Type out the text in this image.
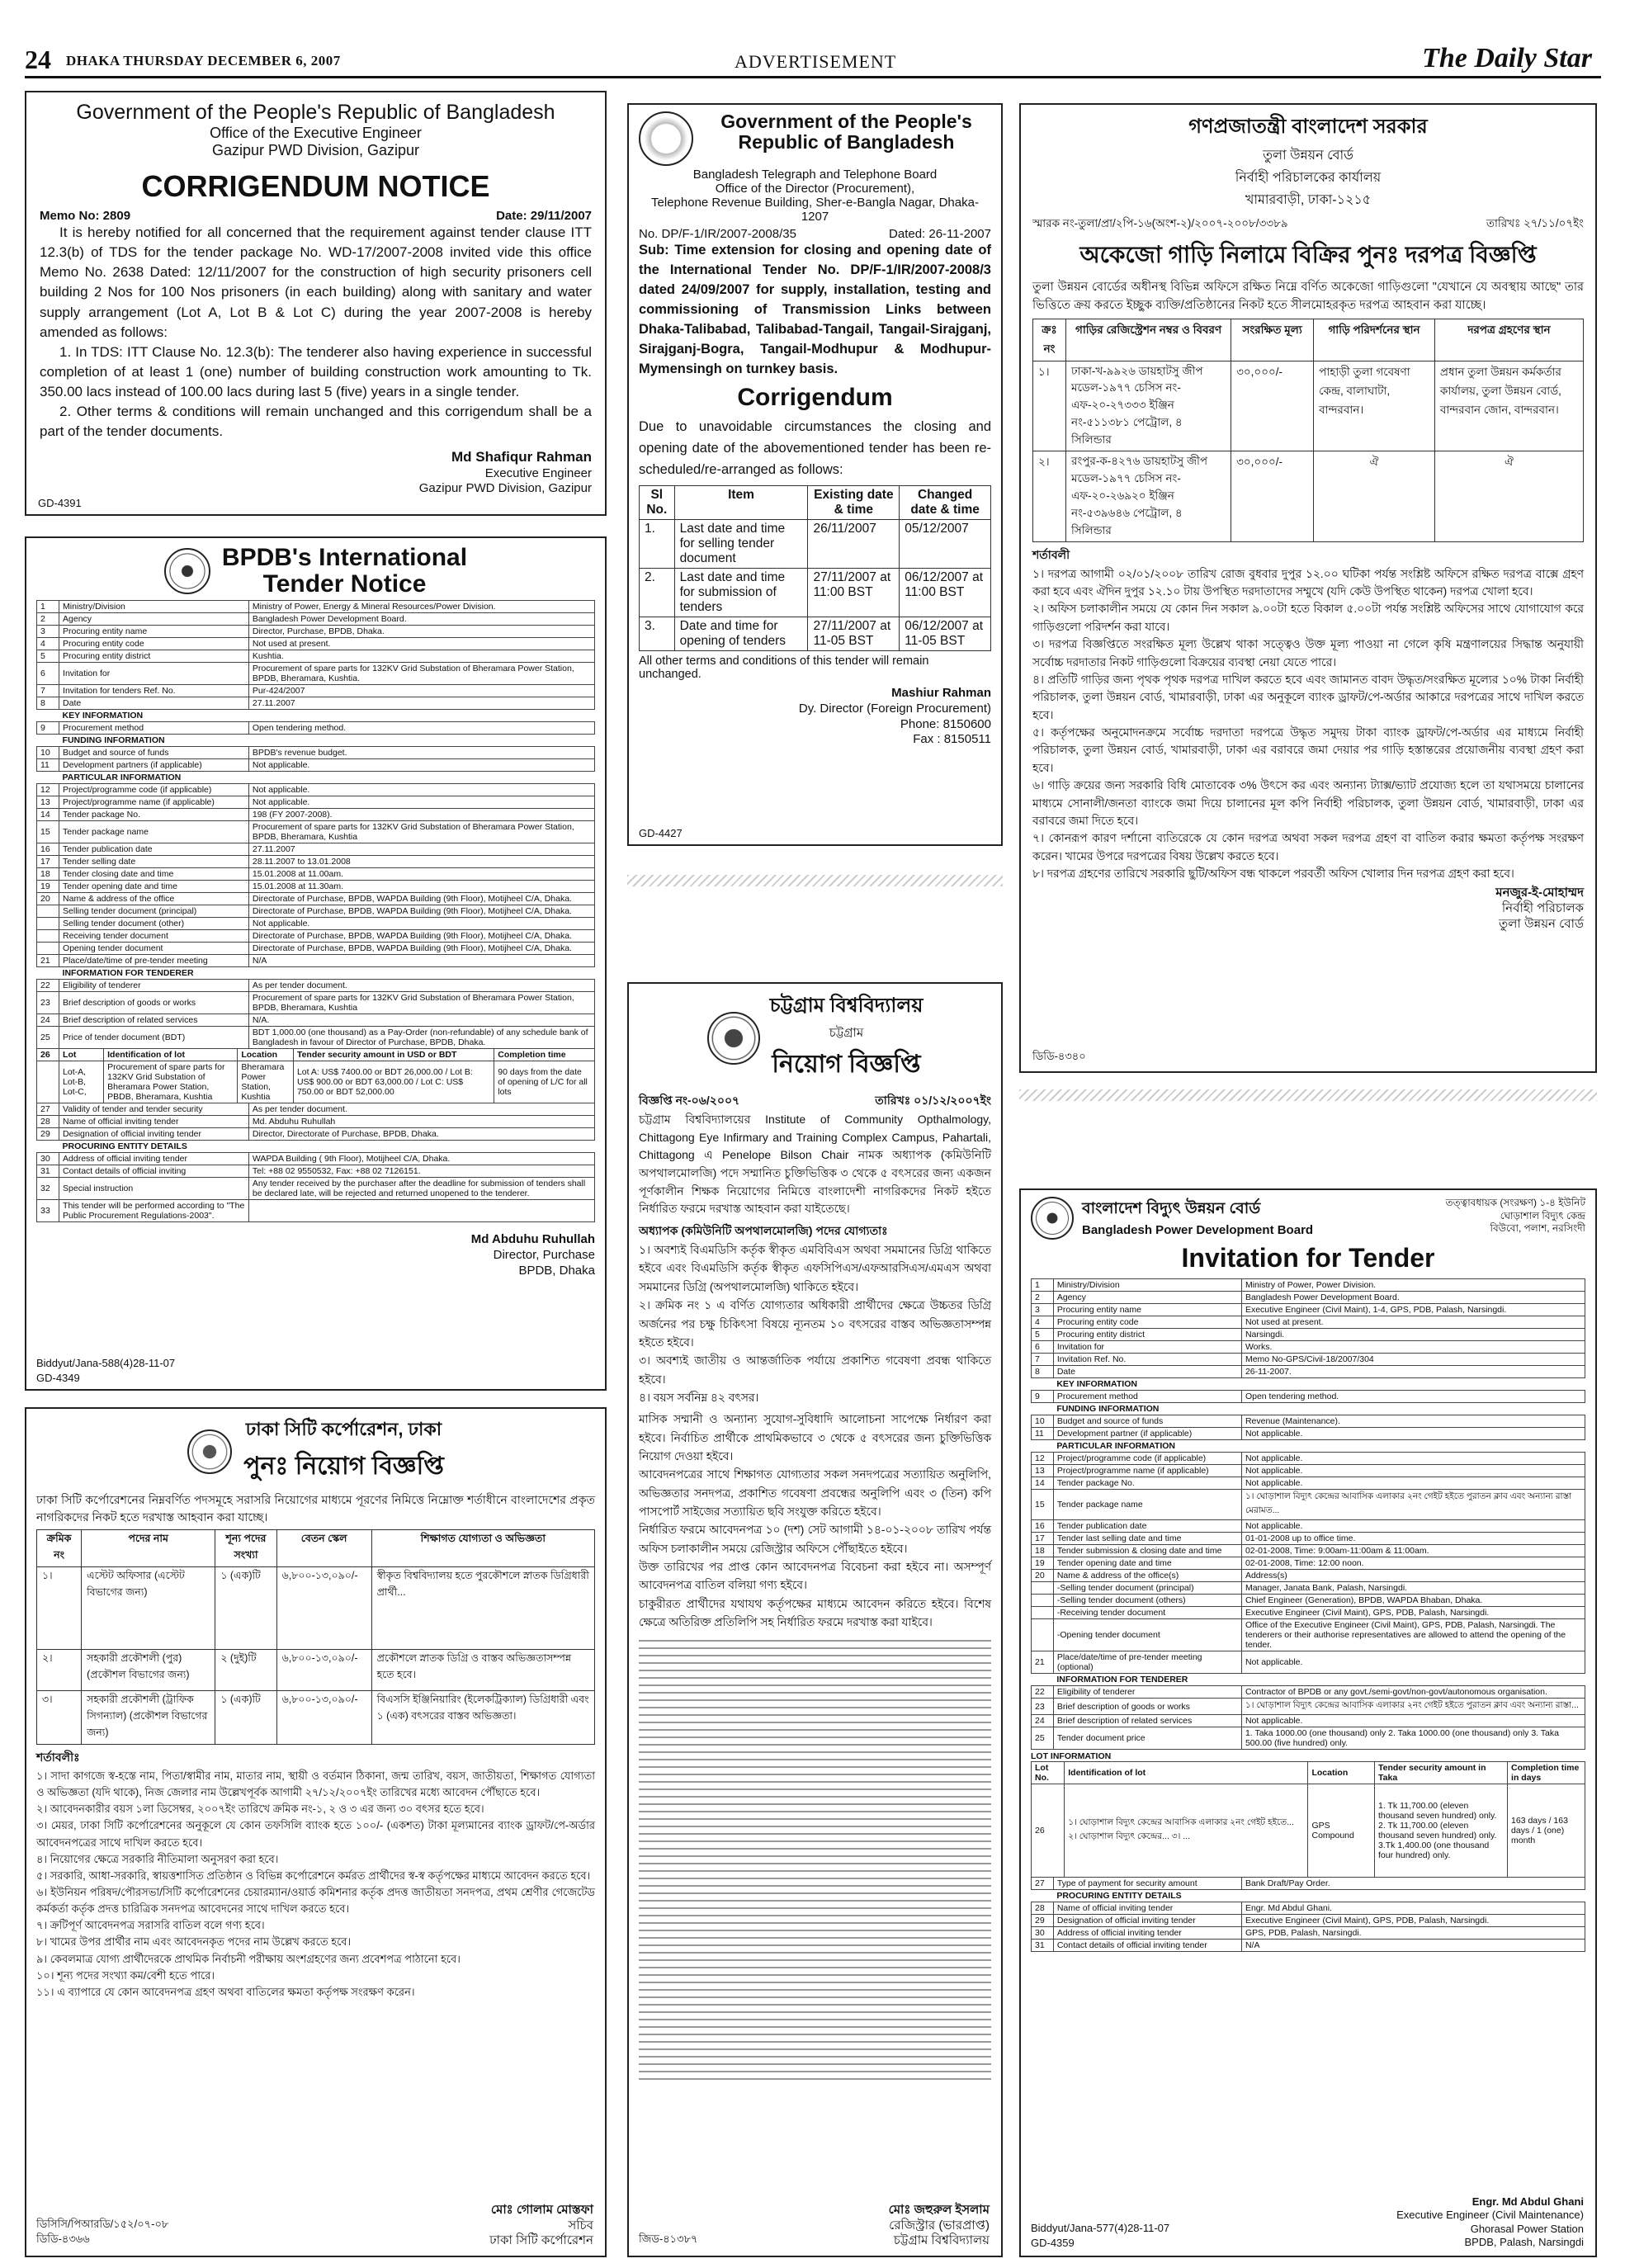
24 DHAKA THURSDAY DECEMBER 6, 2007	ADVERTISEMENT	The Daily Star
Government of the People's Republic of Bangladesh
Office of the Executive Engineer
Gazipur PWD Division, Gazipur
CORRIGENDUM NOTICE
Memo No: 2809	Date: 29/11/2007
It is hereby notified for all concerned that the requirement against tender clause ITT 12.3(b) of TDS for the tender package No. WD-17/2007-2008 invited vide this office Memo No. 2638 Dated: 12/11/2007 for the construction of high security prisoners cell building 2 Nos for 100 Nos prisoners (in each building) along with sanitary and water supply arrangement (Lot A, Lot B & Lot C) during the year 2007-2008 is hereby amended as follows:
1. In TDS: ITT Clause No. 12.3(b): The tenderer also having experience in successful completion of at least 1 (one) number of building construction work amounting to Tk. 350.00 lacs instead of 100.00 lacs during last 5 (five) years in a single tender.
2. Other terms & conditions will remain unchanged and this corrigendum shall be a part of the tender documents.
Md Shafiqur Rahman
Executive Engineer
Gazipur PWD Division, Gazipur
GD-4391
Government of the People's
Republic of Bangladesh
Bangladesh Telegraph and Telephone Board
Office of the Director (Procurement),
Telephone Revenue Building, Sher-e-Bangla Nagar, Dhaka-1207
No. DP/F-1/IR/2007-2008/35	Dated: 26-11-2007
Sub: Time extension for closing and opening date of the International Tender No. DP/F-1/IR/2007-2008/3 dated 24/09/2007 for supply, installation, testing and commissioning of Transmission Links between Dhaka-Talibabad, Talibabad-Tangail, Tangail-Sirajganj, Sirajganj-Bogra, Tangail-Modhupur & Modhupur-Mymensingh on turnkey basis.
Corrigendum
Due to unavoidable circumstances the closing and opening date of the abovementioned tender has been re-scheduled/re-arranged as follows:
Sl No.	Item	Existing date & time	Changed date & time
1.	Last date and time for selling tender document	26/11/2007	05/12/2007
2.	Last date and time for submission of tenders	27/11/2007 at 11:00 BST	06/12/2007 at 11:00 BST
3.	Date and time for opening of tenders	27/11/2007 at 11-05 BST	06/12/2007 at 11-05 BST
All other terms and conditions of this tender will remain unchanged.
Mashiur Rahman
Dy. Director (Foreign Procurement)
Phone: 8150600
Fax : 8150511
GD-4427
গণপ্রজাতন্ত্রী বাংলাদেশ সরকার
তুলা উন্নয়ন বোর্ড
নির্বাহী পরিচালকের কার্যালয়
খামারবাড়ী, ঢাকা-১২১৫
স্মারক নং-তুলা/প্রা/২পি-১৬(অংশ-২)/২০০৭-২০০৮/৩৩৮৯	তারিখঃ ২৭/১১/০৭ইং
অকেজো গাড়ি নিলামে বিক্রির পুনঃ দরপত্র বিজ্ঞপ্তি
তুলা উন্নয়ন বোর্ডের অধীনস্থ বিভিন্ন অফিসে রক্ষিত নিম্নে বর্ণিত অকেজো গাড়িগুলো "যেখানে যে অবস্থায় আছে" তার ভিত্তিতে ক্রয় করতে ইচ্ছুক ব্যক্তি/প্রতিষ্ঠানের নিকট হতে সীলমোহরকৃত দরপত্র আহবান করা যাচ্ছে।
ক্রঃ নং	গাড়ির রেজিস্ট্রেশন নম্বর ও বিবরণ	সংরক্ষিত মূল্য	গাড়ি পরিদর্শনের স্থান	দরপত্র গ্রহণের স্থান
১।	ঢাকা-খ-৯৯২৬ ডায়হাটসু জীপ মডেল-১৯৭৭ চেসিস নং-এফ-২০-২৭৩৩৩ ইঞ্জিন নং-৫১১৩৮১ পেট্রোল, ৪ সিলিন্ডার	৩০,০০০/-	পাহাড়ী তুলা গবেষণা কেন্দ্র, বালাঘাটা, বান্দরবান।	প্রধান তুলা উন্নয়ন কর্মকর্তার কার্যালয়, তুলা উন্নয়ন বোর্ড, বান্দরবান জোন, বান্দরবান।
২।	রংপুর-ক-৪২৭৬ ডায়হাটসু জীপ মডেল-১৯৭৭ চেসিস নং-এফ-২০-২৬৯২০ ইঞ্জিন নং-৫৩৯৬৪৬ পেট্রোল, ৪ সিলিন্ডার	৩০,০০০/-	ঐ	ঐ
শর্তাবলী
১। দরপত্র আগামী ০২/০১/২০০৮ তারিখ রোজ বুধবার দুপুর ১২.০০ ঘটিকা পর্যন্ত সংশ্লিষ্ট অফিসে রক্ষিত দরপত্র বাক্সে গ্রহণ করা হবে এবং ঐদিন দুপুর ১২.১০ টায় উপস্থিত দরদাতাদের সম্মুখে (যদি কেউ উপস্থিত থাকেন) দরপত্র খোলা হবে।
২। অফিস চলাকালীন সময়ে যে কোন দিন সকাল ৯.০০টা হতে বিকাল ৫.০০টা পর্যন্ত সংশ্লিষ্ট অফিসের সাথে যোগাযোগ করে গাড়িগুলো পরিদর্শন করা যাবে।
৩। দরপত্র বিজ্ঞপ্তিতে সংরক্ষিত মূল্য উল্লেখ থাকা সত্ত্বেও উক্ত মূল্য পাওয়া না গেলে কৃষি মন্ত্রণালয়ের সিদ্ধান্ত অনুযায়ী সর্বোচ্চ দরদাতার নিকট গাড়িগুলো বিক্রয়ের ব্যবস্থা নেয়া যেতে পারে।
৪। প্রতিটি গাড়ির জন্য পৃথক পৃথক দরপত্র দাখিল করতে হবে এবং জামানত বাবদ উদ্ধৃত/সংরক্ষিত মূল্যের ১০% টাকা নির্বাহী পরিচালক, তুলা উন্নয়ন বোর্ড, খামারবাড়ী, ঢাকা এর অনুকূলে ব্যাংক ড্রাফট/পে-অর্ডার আকারে দরপত্রের সাথে দাখিল করতে হবে।
৫। কর্তৃপক্ষের অনুমোদনক্রমে সর্বোচ্চ দরদাতা দরপত্রে উদ্ধৃত সমুদয় টাকা ব্যাংক ড্রাফট/পে-অর্ডার এর মাধ্যমে নির্বাহী পরিচালক, তুলা উন্নয়ন বোর্ড, খামারবাড়ী, ঢাকা এর বরাবরে জমা দেয়ার পর গাড়ি হস্তান্তরের প্রয়োজনীয় ব্যবস্থা গ্রহণ করা হবে।
৬। গাড়ি ক্রয়ের জন্য সরকারি বিধি মোতাবেক ৩% উৎসে কর এবং অন্যান্য ট্যাক্স/ভ্যাট প্রযোজ্য হলে তা যথাসময়ে চালানের মাধ্যমে সোনালী/জনতা ব্যাংকে জমা দিয়ে চালানের মূল কপি নির্বাহী পরিচালক, তুলা উন্নয়ন বোর্ড, খামারবাড়ী, ঢাকা এর বরাবরে জমা দিতে হবে।
৭। কোনরূপ কারণ দর্শানো ব্যতিরেকে যে কোন দরপত্র অথবা সকল দরপত্র গ্রহণ বা বাতিল করার ক্ষমতা কর্তৃপক্ষ সংরক্ষণ করেন। খামের উপরে দরপত্রের বিষয় উল্লেখ করতে হবে।
৮। দরপত্র গ্রহণের তারিখে সরকারি ছুটি/অফিস বন্ধ থাকলে পরবর্তী অফিস খোলার দিন দরপত্র গ্রহণ করা হবে।
মনজুর-ই-মোহাম্মদ
নির্বাহী পরিচালক
তুলা উন্নয়ন বোর্ড
ডিডি-৪৩৪০
BPDB's International
Tender Notice
1	Ministry/Division	Ministry of Power, Energy & Mineral Resources/Power Division.
2	Agency	Bangladesh Power Development Board.
3	Procuring entity name	Director, Purchase, BPDB, Dhaka.
4	Procuring entity code	Not used at present.
5	Procuring entity district	Kushtia.
6	Invitation for	Procurement of spare parts for 132KV Grid Substation of Bheramara Power Station, BPDB, Bheramara, Kushtia.
7	Invitation for tenders Ref. No.	Pur-424/2007
8	Date	27.11.2007
	KEY INFORMATION	
9	Procurement method	Open tendering method.
	FUNDING INFORMATION	
10	Budget and source of funds	BPDB's revenue budget.
11	Development partners (if applicable)	Not applicable.
	PARTICULAR INFORMATION	
12	Project/programme code (if applicable)	Not applicable.
13	Project/programme name (if applicable)	Not applicable.
14	Tender package No.	198 (FY 2007-2008).
15	Tender package name	Procurement of spare parts for 132KV Grid Substation of Bheramara Power Station, BPDB, Bheramara, Kushtia
16	Tender publication date	27.11.2007
17	Tender selling date	28.11.2007 to 13.01.2008
18	Tender closing date and time	15.01.2008 at 11.00am.
19	Tender opening date and time	15.01.2008 at 11.30am.
20	Name & address of the office	Directorate of Purchase, BPDB, WAPDA Building (9th Floor), Motijheel C/A, Dhaka.
	Selling tender document (principal)	Directorate of Purchase, BPDB, WAPDA Building (9th Floor), Motijheel C/A, Dhaka.
	Selling tender document (other)	Not applicable.
	Receiving tender document	Directorate of Purchase, BPDB, WAPDA Building (9th Floor), Motijheel C/A, Dhaka.
	Opening tender document	Directorate of Purchase, BPDB, WAPDA Building (9th Floor), Motijheel C/A, Dhaka.
21	Place/date/time of pre-tender meeting	N/A
	INFORMATION FOR TENDERER	
22	Eligibility of tenderer	As per tender document.
23	Brief description of goods or works	Procurement of spare parts for 132KV Grid Substation of Bheramara Power Station, BPDB, Bheramara, Kushtia
24	Brief description of related services	N/A.
25	Price of tender document (BDT)	BDT 1,000.00 (one thousand) as a Pay-Order (non-refundable) of any schedule bank of Bangladesh in favour of Director of Purchase, BPDB, Dhaka.
26	Lot	Identification of lot	Location	Tender security amount in USD or BDT	Completion time
	Lot-A, Lot-B, Lot-C,	Procurement of spare parts for 132KV Grid Substation of Bheramara Power Station, PBDB, Bheramara, Kushtia	Bheramara Power Station, Kushtia	Lot A: US$ 7400.00 or BDT 26,000.00 / Lot B: US$ 900.00 or BDT 63,000.00 / Lot C: US$ 750.00 or BDT 52,000.00	90 days from the date of opening of L/C for all lots
27	Validity of tender and tender security	As per tender document.
28	Name of official inviting tender	Md. Abduhu Ruhullah
29	Designation of official inviting tender	Director, Directorate of Purchase, BPDB, Dhaka.
	PROCURING ENTITY DETAILS	
30	Address of official inviting tender	WAPDA Building ( 9th Floor), Motijheel C/A, Dhaka.
31	Contact details of official inviting	Tel: +88 02 9550532, Fax: +88 02 7126151.
32	Special instruction	Any tender received by the purchaser after the deadline for submission of tenders shall be declared late, will be rejected and returned unopened to the tenderer.
33	This tender will be performed according to "The Public Procurement Regulations-2003".	
Md Abduhu Ruhullah
Director, Purchase
BPDB, Dhaka
Biddyut/Jana-588(4)28-11-07
GD-4349
ঢাকা সিটি কর্পোরেশন, ঢাকা
পুনঃ নিয়োগ বিজ্ঞপ্তি
ঢাকা সিটি কর্পোরেশনের নিম্নবর্ণিত পদসমূহে সরাসরি নিয়োগের মাধ্যমে পূরণের নিমিত্তে নিম্নোক্ত শর্তাধীনে বাংলাদেশের প্রকৃত নাগরিকদের নিকট হতে দরখাস্ত আহবান করা যাচ্ছে।
ক্রমিক নং	পদের নাম	শূন্য পদের সংখ্যা	বেতন স্কেল	শিক্ষাগত যোগ্যতা ও অভিজ্ঞতা
১।	এস্টেট অফিসার (এস্টেট বিভাগের জন্য)	১ (এক)টি	৬,৮০০-১৩,০৯০/-	স্বীকৃত বিশ্ববিদ্যালয় হতে পুরকৌশলে স্নাতক ডিগ্রিধারী প্রার্থী...
২।	সহকারী প্রকৌশলী (পুর) (প্রকৌশল বিভাগের জন্য)	২ (দুই)টি	৬,৮০০-১৩,০৯০/-	প্রকৌশলে স্নাতক ডিগ্রি ও বাস্তব অভিজ্ঞতাসম্পন্ন হতে হবে।
৩।	সহকারী প্রকৌশলী (ট্রাফিক সিগন্যাল) (প্রকৌশল বিভাগের জন্য)	১ (এক)টি	৬,৮০০-১৩,০৯০/-	বিএসসি ইঞ্জিনিয়ারিং (ইলেকট্রিক্যাল) ডিগ্রিধারী এবং ১ (এক) বৎসরের বাস্তব অভিজ্ঞতা।
শর্তাবলীঃ
১। সাদা কাগজে স্ব-হস্তে নাম, পিতা/স্বামীর নাম, মাতার নাম, স্থায়ী ও বর্তমান ঠিকানা, জন্ম তারিখ, বয়স, জাতীয়তা, শিক্ষাগত যোগ্যতা ও অভিজ্ঞতা (যদি থাকে), নিজ জেলার নাম উল্লেখপূর্বক আগামী ২৭/১২/২০০৭ইং তারিখের মধ্যে আবেদন পৌঁছাতে হবে।
২। আবেদনকারীর বয়স ১লা ডিসেম্বর, ২০০৭ইং তারিখে ক্রমিক নং-১, ২ ও ৩ এর জন্য ৩০ বৎসর হতে হবে।
৩। মেয়র, ঢাকা সিটি কর্পোরেশনের অনুকূলে যে কোন তফসিলি ব্যাংক হতে ১০০/- (একশত) টাকা মূল্যমানের ব্যাংক ড্রাফট/পে-অর্ডার আবেদনপত্রের সাথে দাখিল করতে হবে।
৪। নিয়োগের ক্ষেত্রে সরকারি নীতিমালা অনুসরণ করা হবে।
৫। সরকারি, আধা-সরকারি, স্বায়ত্তশাসিত প্রতিষ্ঠান ও বিভিন্ন কর্পোরেশনে কর্মরত প্রার্থীদের স্ব-স্ব কর্তৃপক্ষের মাধ্যমে আবেদন করতে হবে।
৬। ইউনিয়ন পরিষদ/পৌরসভা/সিটি কর্পোরেশনের চেয়ারম্যান/ওয়ার্ড কমিশনার কর্তৃক প্রদত্ত জাতীয়তা সনদপত্র, প্রথম শ্রেণীর গেজেটেড কর্মকর্তা কর্তৃক প্রদত্ত চারিত্রিক সনদপত্র আবেদনের সাথে দাখিল করতে হবে।
৭। ক্রটিপূর্ণ আবেদনপত্র সরাসরি বাতিল বলে গণ্য হবে।
৮। খামের উপর প্রার্থীর নাম এবং আবেদনকৃত পদের নাম উল্লেখ করতে হবে।
৯। কেবলমাত্র যোগ্য প্রার্থীদেরকে প্রাথমিক নির্বাচনী পরীক্ষায় অংশগ্রহণের জন্য প্রবেশপত্র পাঠানো হবে।
১০। শূন্য পদের সংখ্যা কম/বেশী হতে পারে।
১১। এ ব্যাপারে যে কোন আবেদনপত্র গ্রহণ অথবা বাতিলের ক্ষমতা কর্তৃপক্ষ সংরক্ষণ করেন।
মোঃ গোলাম মোস্তফা
সচিব
ঢাকা সিটি কর্পোরেশন
ডিসিসি/পিআরডি/১৫২/০৭-০৮
ডিডি-৪৩৬৬
চট্টগ্রাম বিশ্ববিদ্যালয়
চট্টগ্রাম
নিয়োগ বিজ্ঞপ্তি
বিজ্ঞপ্তি নং-০৬/২০০৭	তারিখঃ ০১/১২/২০০৭ইং
চট্টগ্রাম বিশ্ববিদ্যালয়ের Institute of Community Opthalmology, Chittagong Eye Infirmary and Training Complex Campus, Pahartali, Chittagong এ Penelope Bilson Chair নামক অধ্যাপক (কমিউনিটি অপথালমোলজি) পদে সম্মানিত চুক্তিভিত্তিক ৩ থেকে ৫ বৎসরের জন্য একজন পূর্ণকালীন শিক্ষক নিয়োগের নিমিত্তে বাংলাদেশী নাগরিকদের নিকট হইতে নির্ধারিত ফরমে দরখাস্ত আহবান করা যাইতেছে।
অধ্যাপক (কমিউনিটি অপথালমোলজি) পদের যোগ্যতাঃ
১। অবশ্যই বিএমডিসি কর্তৃক স্বীকৃত এমবিবিএস অথবা সমমানের ডিগ্রি থাকিতে হইবে এবং বিএমডিসি কর্তৃক স্বীকৃত এফসিপিএস/এফআরসিএস/এমএস অথবা সমমানের ডিগ্রি (অপথালমোলজি) থাকিতে হইবে।
২। ক্রমিক নং ১ এ বর্ণিত যোগ্যতার অধিকারী প্রার্থীদের ক্ষেত্রে উচ্চতর ডিগ্রি অর্জনের পর চক্ষু চিকিৎসা বিষয়ে ন্যূনতম ১০ বৎসরের বাস্তব অভিজ্ঞতাসম্পন্ন হইতে হইবে।
৩। অবশ্যই জাতীয় ও আন্তর্জাতিক পর্যায়ে প্রকাশিত গবেষণা প্রবন্ধ থাকিতে হইবে।
৪। বয়স সর্বনিম্ন ৪২ বৎসর।
মাসিক সম্মানী ও অন্যান্য সুযোগ-সুবিধাদি আলোচনা সাপেক্ষে নির্ধারণ করা হইবে। নির্বাচিত প্রার্থীকে প্রাথমিকভাবে ৩ থেকে ৫ বৎসরের জন্য চুক্তিভিত্তিক নিয়োগ দেওয়া হইবে।
আবেদনপত্রের সাথে শিক্ষাগত যোগ্যতার সকল সনদপত্রের সত্যায়িত অনুলিপি, অভিজ্ঞতার সনদপত্র, প্রকাশিত গবেষণা প্রবন্ধের অনুলিপি এবং ৩ (তিন) কপি পাসপোর্ট সাইজের সত্যায়িত ছবি সংযুক্ত করিতে হইবে।
নির্ধারিত ফরমে আবেদনপত্র ১০ (দশ) সেট আগামী ১৪-০১-২০০৮ তারিখ পর্যন্ত অফিস চলাকালীন সময়ে রেজিস্ট্রার অফিসে পৌঁছাইতে হইবে।
উক্ত তারিখের পর প্রাপ্ত কোন আবেদনপত্র বিবেচনা করা হইবে না। অসম্পূর্ণ আবেদনপত্র বাতিল বলিয়া গণ্য হইবে।
চাকুরীরত প্রার্থীদের যথাযথ কর্তৃপক্ষের মাধ্যমে আবেদন করিতে হইবে। বিশেষ ক্ষেত্রে অতিরিক্ত প্রতিলিপি সহ নির্ধারিত ফরমে দরখাস্ত করা যাইবে।
মোঃ জহুরুল ইসলাম
রেজিস্ট্রার (ভারপ্রাপ্ত)
চট্টগ্রাম বিশ্ববিদ্যালয়
জিড-৪১৩৮৭
বাংলাদেশ বিদ্যুৎ উন্নয়ন বোর্ড
Bangladesh Power Development Board
তত্ত্বাবধায়ক (সংরক্ষণ) ১-৪ ইউনিট
ঘোড়াশাল বিদ্যুৎ কেন্দ্র
বিউবো, পলাশ, নরসিংদী
Invitation for Tender
1	Ministry/Division	Ministry of Power, Power Division.
2	Agency	Bangladesh Power Development Board.
3	Procuring entity name	Executive Engineer (Civil Maint), 1-4, GPS, PDB, Palash, Narsingdi.
4	Procuring entity code	Not used at present.
5	Procuring entity district	Narsingdi.
6	Invitation for	Works.
7	Invitation Ref. No.	Memo No-GPS/Civil-18/2007/304
8	Date	26-11-2007.
	KEY INFORMATION	
9	Procurement method	Open tendering method.
	FUNDING INFORMATION	
10	Budget and source of funds	Revenue (Maintenance).
11	Development partner (if applicable)	Not applicable.
	PARTICULAR INFORMATION	
12	Project/programme code (if applicable)	Not applicable.
13	Project/programme name (if applicable)	Not applicable.
14	Tender package No.	Not applicable.
15	Tender package name	১। ঘোড়াশাল বিদ্যুৎ কেন্দ্রের আবাসিক এলাকার ২নং গেইট হইতে পুরাতন ক্লাব এবং অন্যান্য রাস্তা মেরামত...
16	Tender publication date	Not applicable.
17	Tender last selling date and time	01-01-2008 up to office time.
18	Tender submission & closing date and time	02-01-2008, Time: 9:00am-11:00am & 11:00am.
19	Tender opening date and time	02-01-2008, Time: 12:00 noon.
20	Name & address of the office(s)	Address(s)
	-Selling tender document (principal)	Manager, Janata Bank, Palash, Narsingdi.
	-Selling tender document (others)	Chief Engineer (Generation), BPDB, WAPDA Bhaban, Dhaka.
	-Receiving tender document	Executive Engineer (Civil Maint), GPS, PDB, Palash, Narsingdi.
	-Opening tender document	Office of the Executive Engineer (Civil Maint), GPS, PDB, Palash, Narsingdi. The tenderers or their authorise representatives are allowed to attend the opening of the tender.
21	Place/date/time of pre-tender meeting (optional)	Not applicable.
	INFORMATION FOR TENDERER	
22	Eligibility of tenderer	Contractor of BPDB or any govt./semi-govt/non-govt/autonomous organisation.
23	Brief description of goods or works	১। ঘোড়াশাল বিদ্যুৎ কেন্দ্রের আবাসিক এলাকার ২নং গেইট হইতে পুরাতন ক্লাব এবং অন্যান্য রাস্তা...
24	Brief description of related services	Not applicable.
25	Tender document price	1. Taka 1000.00 (one thousand) only 2. Taka 1000.00 (one thousand) only 3. Taka 500.00 (five hundred) only.
LOT INFORMATION
Lot No.	Identification of lot	Location	Tender security amount in Taka	Completion time in days
26	১। ঘোড়াশাল বিদ্যুৎ কেন্দ্রের আবাসিক এলাকার ২নং গেইট হইতে... ২। ঘোড়াশাল বিদ্যুৎ কেন্দ্রের... ৩। ...	GPS Compound	1. Tk 11,700.00 (eleven thousand seven hundred) only. 2. Tk 11,700.00 (eleven thousand seven hundred) only. 3.Tk 1,400.00 (one thousand four hundred) only.	163 days / 163 days / 1 (one) month
27	Type of payment for security amount	Bank Draft/Pay Order.
	PROCURING ENTITY DETAILS	
28	Name of official inviting tender	Engr. Md Abdul Ghani.
29	Designation of official inviting tender	Executive Engineer (Civil Maint), GPS, PDB, Palash, Narsingdi.
30	Address of official inviting tender	GPS, PDB, Palash, Narsingdi.
31	Contact details of official inviting tender	N/A
Engr. Md Abdul Ghani
Executive Engineer (Civil Maintenance)
Ghorasal Power Station
BPDB, Palash, Narsingdi
Biddyut/Jana-577(4)28-11-07
GD-4359
